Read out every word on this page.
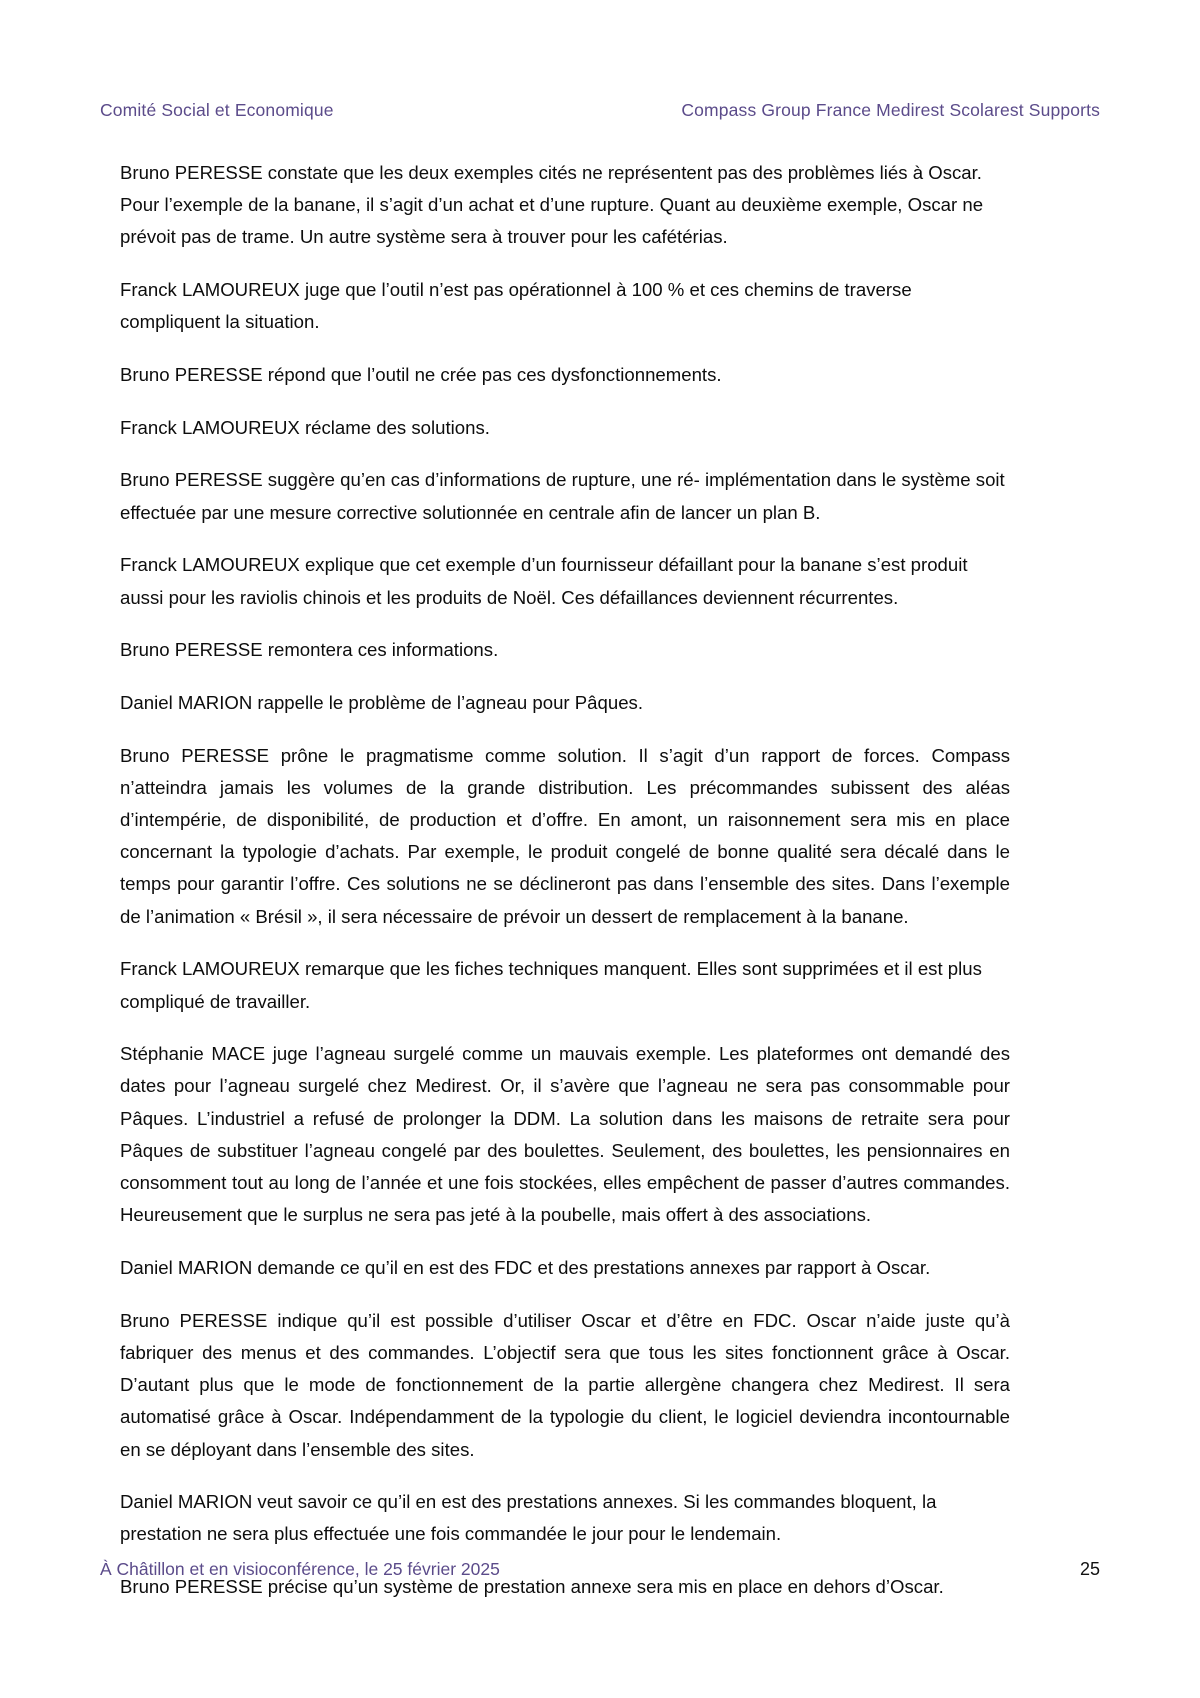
Comité Social et Economique	Compass Group France Medirest Scolarest Supports

Bruno PERESSE constate que les deux exemples cités ne représentent pas des problèmes liés à Oscar. Pour l’exemple de la banane, il s’agit d’un achat et d’une rupture. Quant au deuxième exemple, Oscar ne prévoit pas de trame. Un autre système sera à trouver pour les cafétérias.

Franck LAMOUREUX juge que l’outil n’est pas opérationnel à 100 % et ces chemins de traverse compliquent la situation.

Bruno PERESSE répond que l’outil ne crée pas ces dysfonctionnements.

Franck LAMOUREUX réclame des solutions.

Bruno PERESSE suggère qu’en cas d’informations de rupture, une ré- implémentation dans le système soit effectuée par une mesure corrective solutionnée en centrale afin de lancer un plan B.

Franck LAMOUREUX explique que cet exemple d’un fournisseur défaillant pour la banane s’est produit aussi pour les raviolis chinois et les produits de Noël. Ces défaillances deviennent récurrentes.

Bruno PERESSE remontera ces informations.

Daniel MARION rappelle le problème de l’agneau pour Pâques.

Bruno PERESSE prône le pragmatisme comme solution. Il s’agit d’un rapport de forces. Compass n’atteindra jamais les volumes de la grande distribution. Les précommandes subissent des aléas d’intempérie, de disponibilité, de production et d’offre. En amont, un raisonnement sera mis en place concernant la typologie d’achats. Par exemple, le produit congelé de bonne qualité sera décalé dans le temps pour garantir l’offre. Ces solutions ne se déclineront pas dans l’ensemble des sites. Dans l’exemple de l’animation « Brésil », il sera nécessaire de prévoir un dessert de remplacement à la banane.

Franck LAMOUREUX remarque que les fiches techniques manquent. Elles sont supprimées et il est plus compliqué de travailler.

Stéphanie MACE juge l’agneau surgelé comme un mauvais exemple. Les plateformes ont demandé des dates pour l’agneau surgelé chez Medirest. Or, il s’avère que l’agneau ne sera pas consommable pour Pâques. L’industriel a refusé de prolonger la DDM. La solution dans les maisons de retraite sera pour Pâques de substituer l’agneau congelé par des boulettes. Seulement, des boulettes, les pensionnaires en consomment tout au long de l’année et une fois stockées, elles empêchent de passer d’autres commandes. Heureusement que le surplus ne sera pas jeté à la poubelle, mais offert à des associations.

Daniel MARION demande ce qu’il en est des FDC et des prestations annexes par rapport à Oscar.

Bruno PERESSE indique qu’il est possible d’utiliser Oscar et d’être en FDC. Oscar n’aide juste qu’à fabriquer des menus et des commandes. L’objectif sera que tous les sites fonctionnent grâce à Oscar. D’autant plus que le mode de fonctionnement de la partie allergène changera chez Medirest. Il sera automatisé grâce à Oscar. Indépendamment de la typologie du client, le logiciel deviendra incontournable en se déployant dans l’ensemble des sites.

Daniel MARION veut savoir ce qu’il en est des prestations annexes. Si les commandes bloquent, la prestation ne sera plus effectuée une fois commandée le jour pour le lendemain.

Bruno PERESSE précise qu’un système de prestation annexe sera mis en place en dehors d’Oscar.

À Châtillon et en visioconférence, le 25 février 2025	25
